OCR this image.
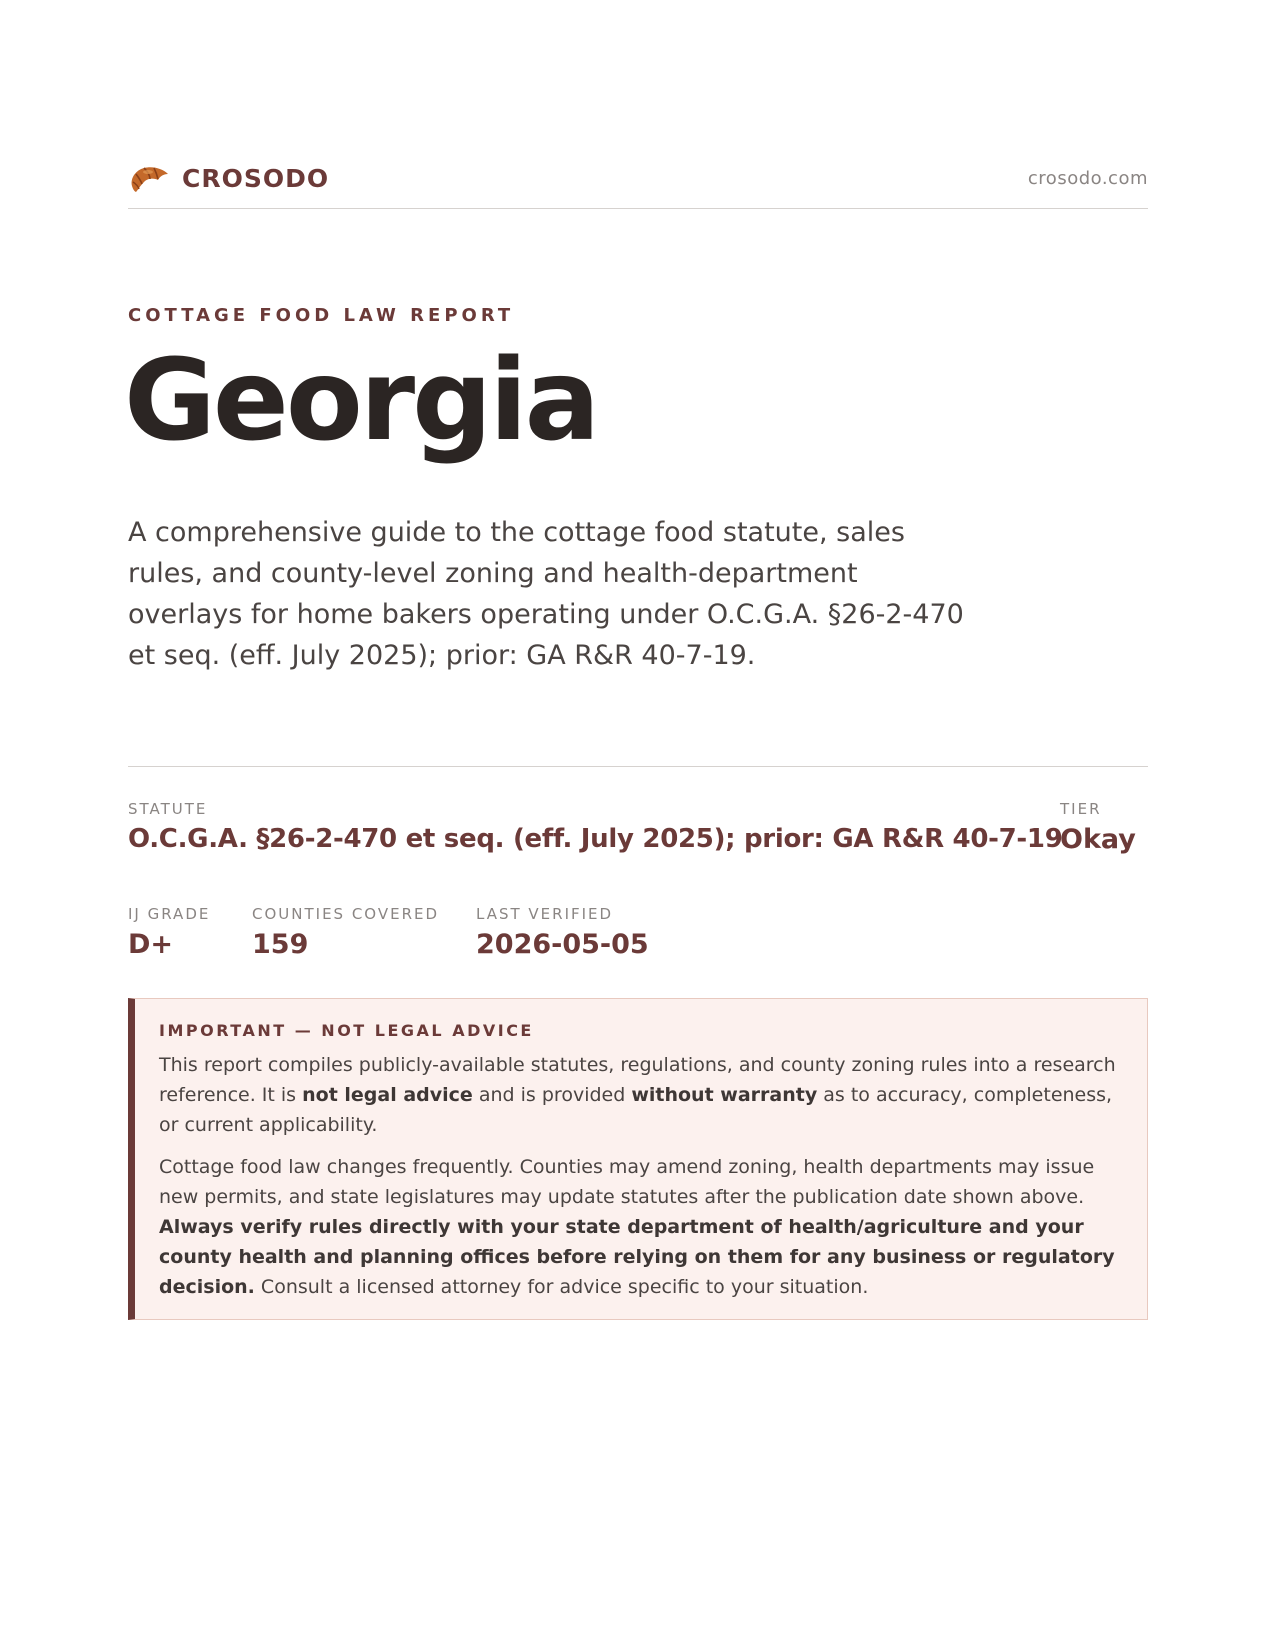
CROSODO	crosodo.com
COTTAGE FOOD LAW REPORT
Georgia
A comprehensive guide to the cottage food statute, sales rules, and county-level zoning and health-department overlays for home bakers operating under O.C.G.A. §26-2-470 et seq. (eff. July 2025); prior: GA R&R 40-7-19.
STATUTE
O.C.G.A. §26-2-470 et seq. (eff. July 2025); prior: GA R&R 40-7-19
TIER
Okay
IJ GRADE
D+
COUNTIES COVERED
159
LAST VERIFIED
2026-05-05
IMPORTANT — NOT LEGAL ADVICE

This report compiles publicly-available statutes, regulations, and county zoning rules into a research reference. It is not legal advice and is provided without warranty as to accuracy, completeness, or current applicability.

Cottage food law changes frequently. Counties may amend zoning, health departments may issue new permits, and state legislatures may update statutes after the publication date shown above. Always verify rules directly with your state department of health/agriculture and your county health and planning offices before relying on them for any business or regulatory decision. Consult a licensed attorney for advice specific to your situation.
